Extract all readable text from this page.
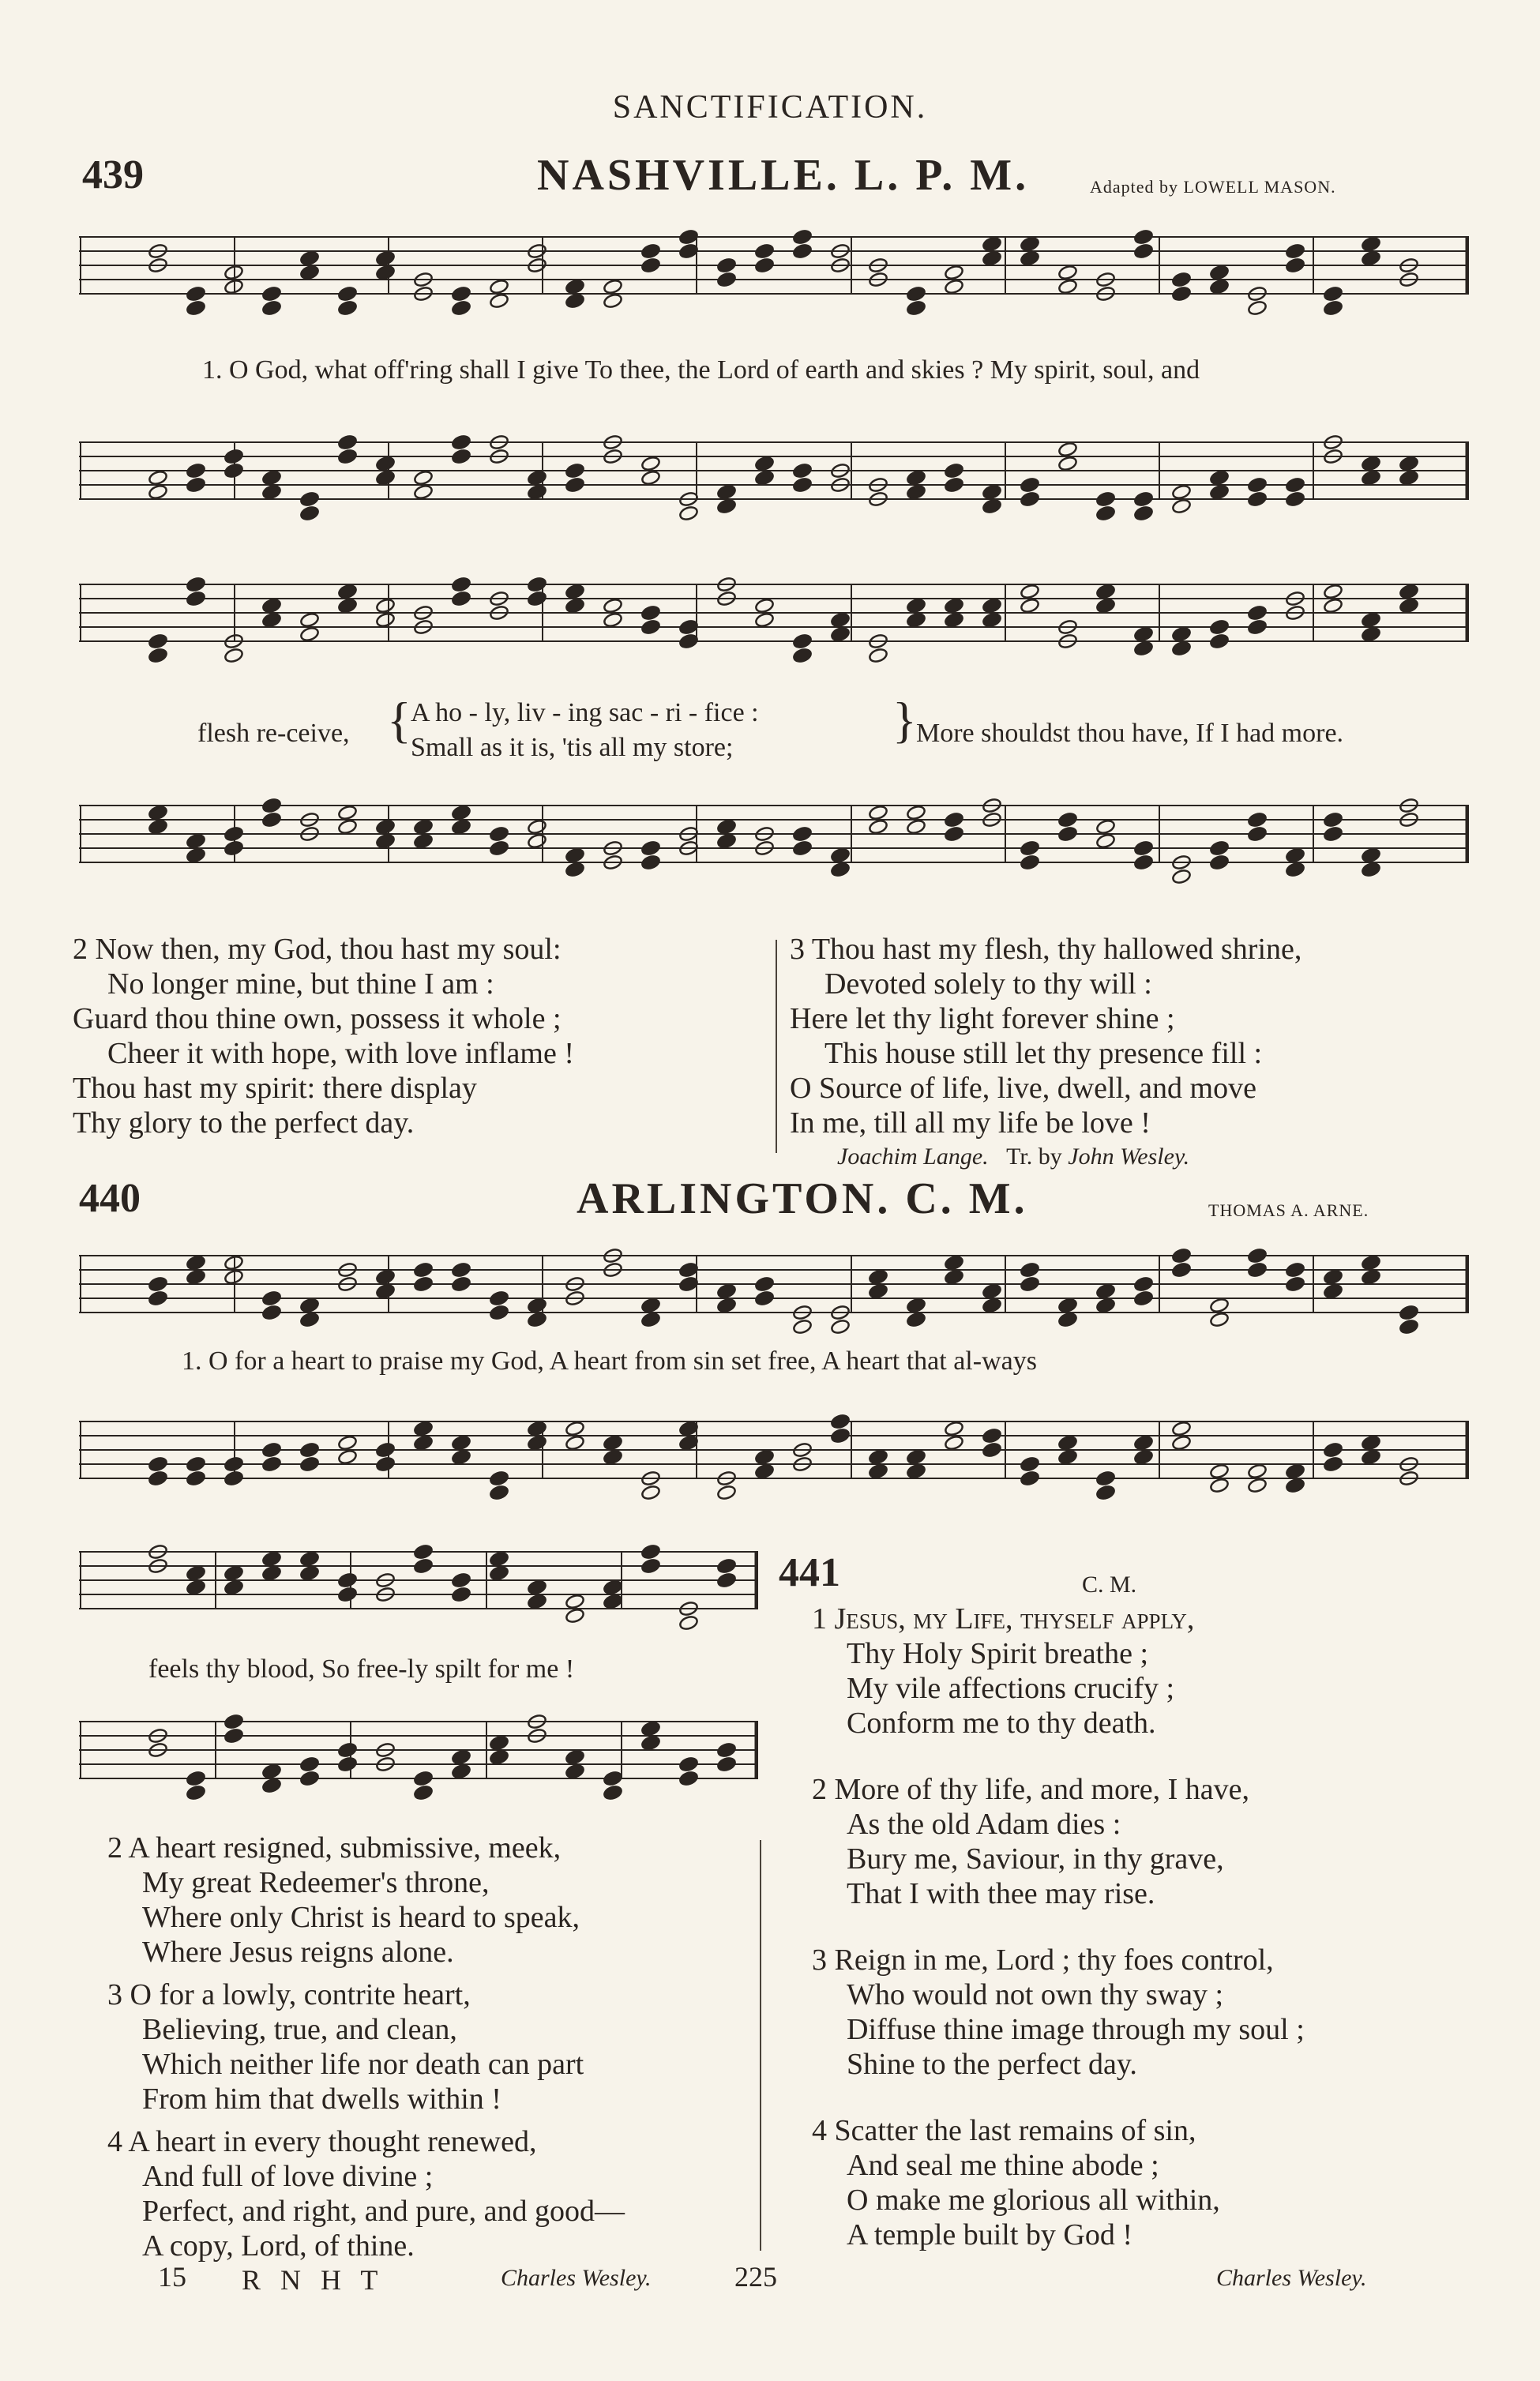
SANCTIFICATION.
439	NASHVILLE. L. P. M.	Adapted by LOWELL MASON.
1. O God, what off'ring shall I give To thee, the Lord of earth and skies ? My spirit, soul, and
flesh re-ceive, { A ho - ly, liv - ing sac - ri - fice :
Small as it is, 'tis all my store;	} More shouldst thou have, If I had more.
2 Now then, my God, thou hast my soul:
No longer mine, but thine I am :
Guard thou thine own, possess it whole ;
Cheer it with hope, with love inflame !
Thou hast my spirit: there display
Thy glory to the perfect day.
3 Thou hast my flesh, thy hallowed shrine,
Devoted solely to thy will :
Here let thy light forever shine ;
This house still let thy presence fill :
O Source of life, live, dwell, and move
In me, till all my life be love !
Joachim Lange. Tr. by John Wesley.
440	ARLINGTON. C. M.	THOMAS A. ARNE.
1. O for a heart to praise my God, A heart from sin set free, A heart that al-ways
feels thy blood, So free-ly spilt for me !
2 A heart resigned, submissive, meek,
My great Redeemer's throne,
Where only Christ is heard to speak,
Where Jesus reigns alone.
3 O for a lowly, contrite heart,
Believing, true, and clean,
Which neither life nor death can part
From him that dwells within !
4 A heart in every thought renewed,
And full of love divine ;
Perfect, and right, and pure, and good—
A copy, Lord, of thine.
441	C. M.
1 Jesus, my Life, thyself apply,
Thy Holy Spirit breathe ;
My vile affections crucify ;
Conform me to thy death.
2 More of thy life, and more, I have,
As the old Adam dies :
Bury me, Saviour, in thy grave,
That I with thee may rise.
3 Reign in me, Lord ; thy foes control,
Who would not own thy sway ;
Diffuse thine image through my soul ;
Shine to the perfect day.
4 Scatter the last remains of sin,
And seal me thine abode ;
O make me glorious all within,
A temple built by God !
Charles Wesley.
15 R N H T	Charles Wesley.	225
